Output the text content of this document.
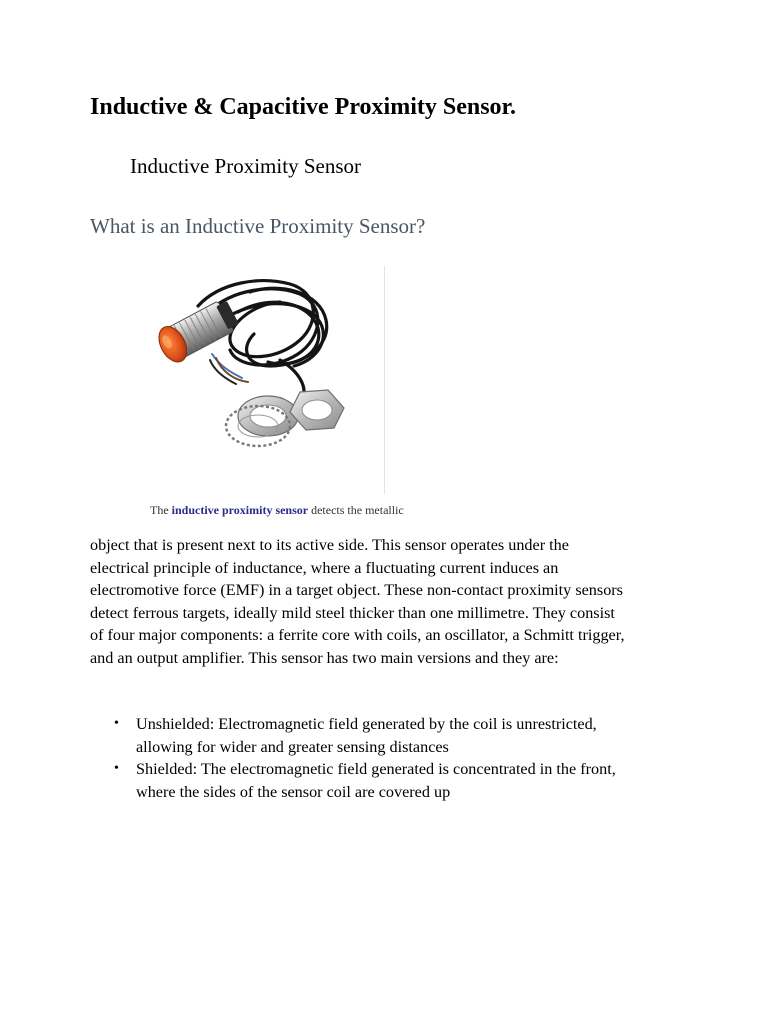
Inductive & Capacitive Proximity Sensor.
Inductive Proximity Sensor
What is an Inductive Proximity Sensor?
The inductive proximity sensor detects the metallic
object that is present next to its active side. This sensor operates under the
electrical principle of inductance, where a fluctuating current induces an
electromotive force (EMF) in a target object. These non-contact proximity sensors
detect ferrous targets, ideally mild steel thicker than one millimetre. They consist
of four major components: a ferrite core with coils, an oscillator, a Schmitt trigger,
and an output amplifier. This sensor has two main versions and they are:
• Unshielded: Electromagnetic field generated by the coil is unrestricted,
allowing for wider and greater sensing distances
• Shielded: The electromagnetic field generated is concentrated in the front,
where the sides of the sensor coil are covered up
